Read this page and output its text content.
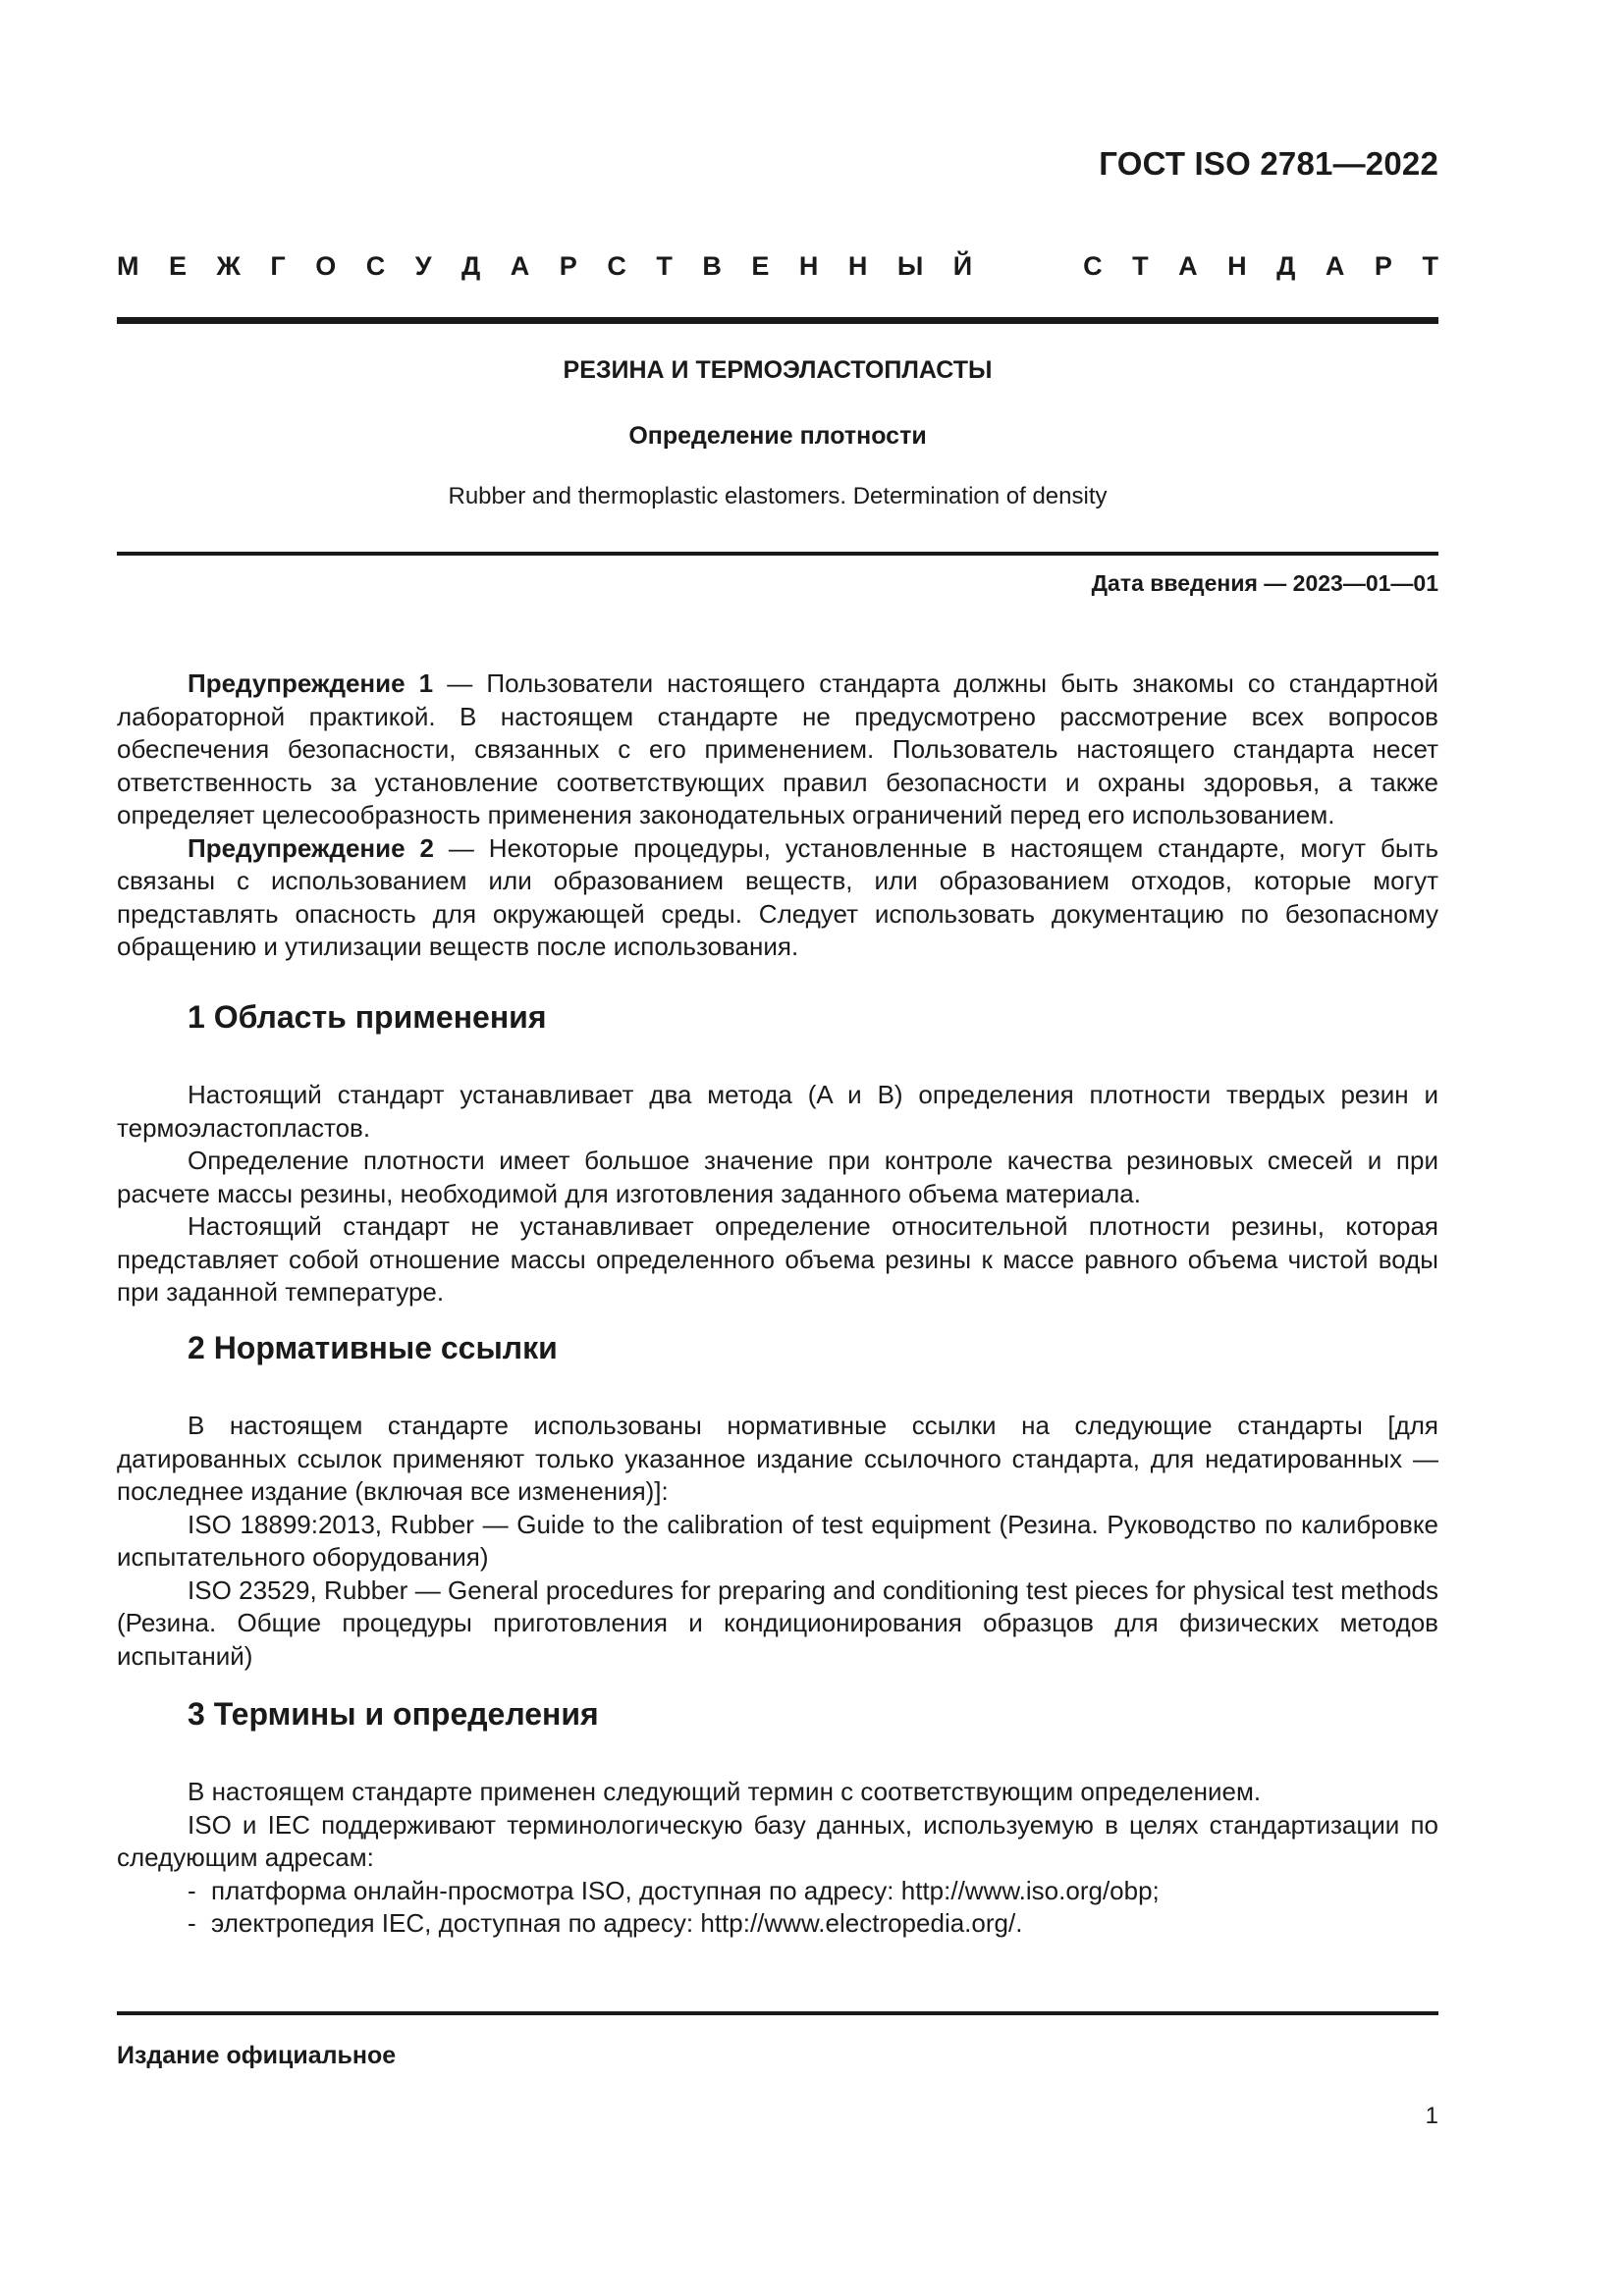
ГОСТ ISO 2781—2022
М Е Ж Г О С У Д А Р С Т В Е Н Н Ы Й	С Т А Н Д А Р Т
РЕЗИНА И ТЕРМОЭЛАСТОПЛАСТЫ
Определение плотности
Rubber and thermoplastic elastomers. Determination of density
Дата введения — 2023—01—01

Предупреждение 1 — Пользователи настоящего стандарта должны быть знакомы со стандартной лабораторной практикой. В настоящем стандарте не предусмотрено рассмотрение всех вопросов обеспечения безопасности, связанных с его применением. Пользователь настоящего стандарта несет ответственность за установление соответствующих правил безопасности и охраны здоровья, а также определяет целесообразность применения законодательных ограничений перед его использованием.

Предупреждение 2 — Некоторые процедуры, установленные в настоящем стандарте, могут быть связаны с использованием или образованием веществ, или образованием отходов, которые могут представлять опасность для окружающей среды. Следует использовать документацию по безопасному обращению и утилизации веществ после использования.

1 Область применения

Настоящий стандарт устанавливает два метода (A и B) определения плотности твердых резин и термоэластопластов.

Определение плотности имеет большое значение при контроле качества резиновых смесей и при расчете массы резины, необходимой для изготовления заданного объема материала.

Настоящий стандарт не устанавливает определение относительной плотности резины, которая представляет собой отношение массы определенного объема резины к массе равного объема чистой воды при заданной температуре.

2 Нормативные ссылки

В настоящем стандарте использованы нормативные ссылки на следующие стандарты [для датированных ссылок применяют только указанное издание ссылочного стандарта, для недатированных — последнее издание (включая все изменения)]:

ISO 18899:2013, Rubber — Guide to the calibration of test equipment (Резина. Руководство по калибровке испытательного оборудования)

ISO 23529, Rubber — General procedures for preparing and conditioning test pieces for physical test methods (Резина. Общие процедуры приготовления и кондиционирования образцов для физических методов испытаний)

3 Термины и определения

В настоящем стандарте применен следующий термин с соответствующим определением.

ISO и IEC поддерживают терминологическую базу данных, используемую в целях стандартизации по следующим адресам:

- платформа онлайн-просмотра ISO, доступная по адресу: http://www.iso.org/obp;
- электропедия IEC, доступная по адресу: http://www.electropedia.org/.
Издание официальное
1
